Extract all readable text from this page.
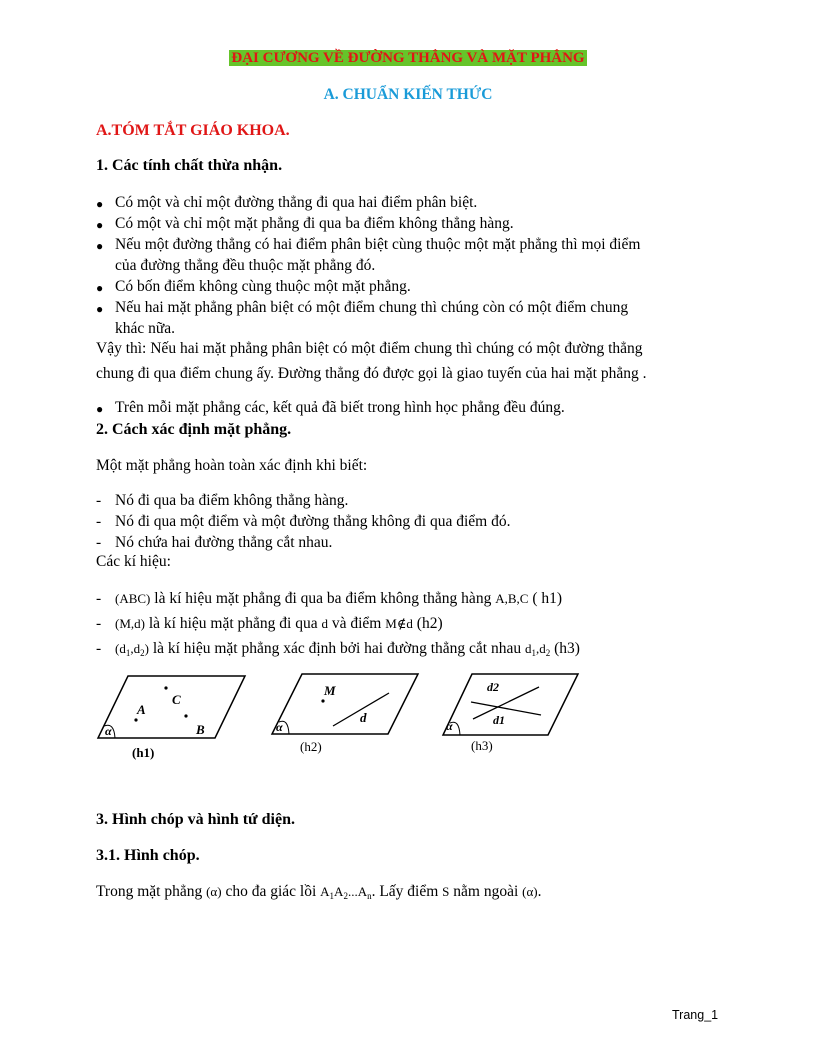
ĐẠI CƯƠNG VỀ ĐƯỜNG THẲNG VÀ MẶT PHẲNG
A. CHUẨN KIẾN THỨC
A.TÓM TẮT GIÁO KHOA.
1. Các tính chất thừa nhận.
● Có một và chỉ một đường thẳng đi qua hai điểm phân biệt.
● Có một và chỉ một mặt phẳng đi qua ba điểm không thẳng hàng.
● Nếu một đường thẳng có hai điểm phân biệt cùng thuộc một mặt phẳng thì mọi điểm
của đường thẳng đều thuộc mặt phẳng đó.
● Có bốn điểm không cùng thuộc một mặt phẳng.
● Nếu hai mặt phẳng phân biệt có một điểm chung thì chúng còn có một điểm chung
khác nữa.
Vậy thì: Nếu hai mặt phẳng phân biệt có một điểm chung thì chúng có một đường thẳng
chung đi qua điểm chung ấy. Đường thẳng đó được gọi là giao tuyến của hai mặt phẳng .
● Trên mỗi mặt phẳng các, kết quả đã biết trong hình học phẳng đều đúng.
2. Cách xác định mặt phẳng.
Một mặt phẳng hoàn toàn xác định khi biết:
- Nó đi qua ba điểm không thẳng hàng.
- Nó đi qua một điểm và một đường thẳng không đi qua điểm đó.
- Nó chứa hai đường thẳng cắt nhau.
Các kí hiệu:
- (ABC) là kí hiệu mặt phẳng đi qua ba điểm không thẳng hàng A,B,C ( h1)
- (M,d) là kí hiệu mặt phẳng đi qua d và điểm M∉d (h2)
- $(d_1,d_2)$ là kí hiệu mặt phẳng xác định bởi hai đường thẳng cắt nhau $d_1,d_2$ (h3)
α
C
A
B
(h1)
α
M
d
(h2)
α
d2
d1
(h3)
3. Hình chóp và hình tứ diện.
3.1. Hình chóp.
Trong mặt phẳng (α) cho đa giác lồi $A_1A_2...A_n$. Lấy điểm S nằm ngoài (α).
Trang_1
